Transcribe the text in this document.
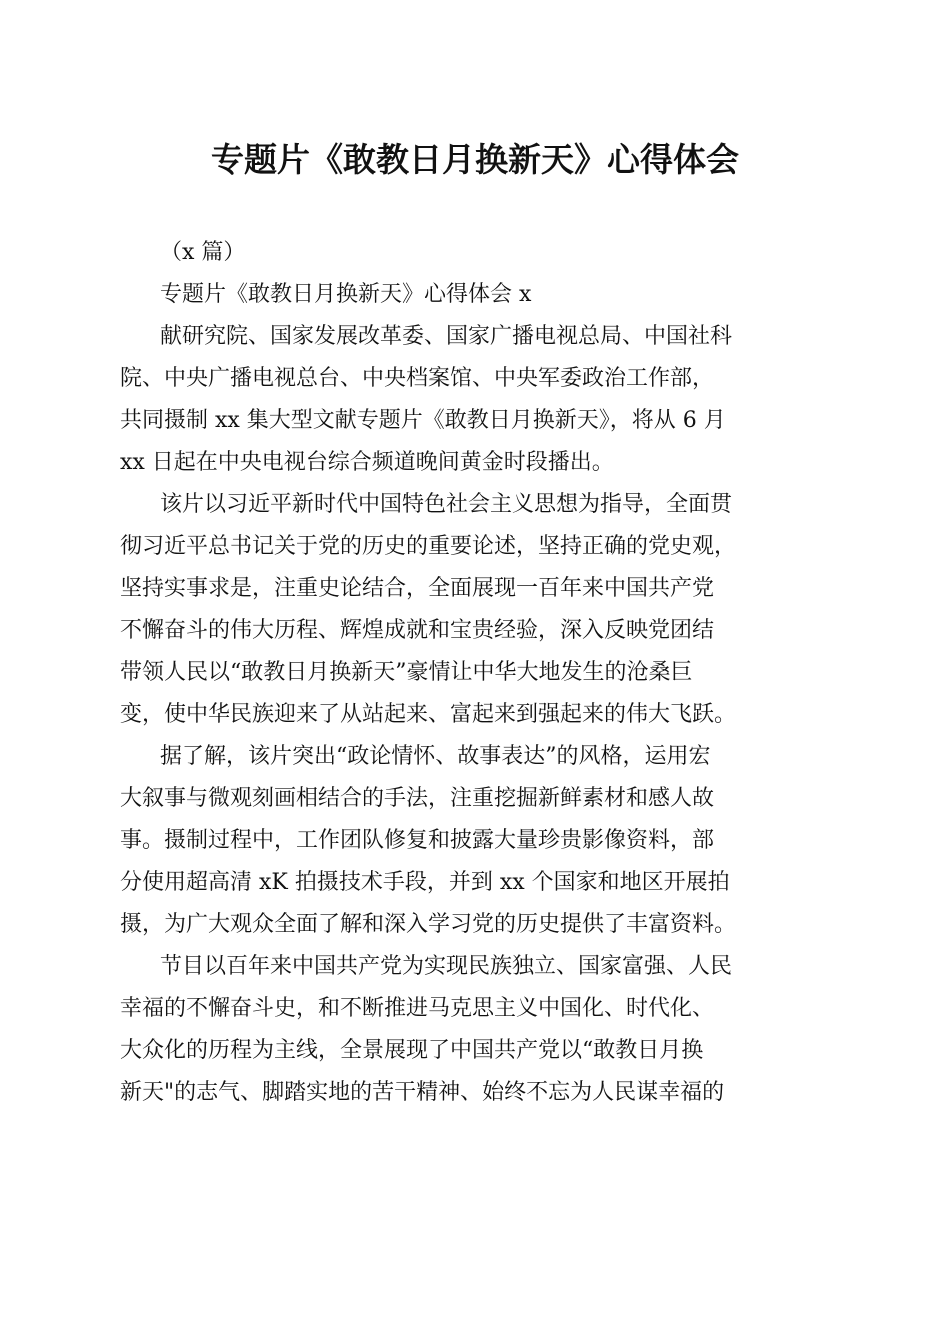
专题片《敢教日月换新天》心得体会
（x 篇）
专题片《敢教日月换新天》心得体会 x
献研究院、国家发展改革委、国家广播电视总局、中国社科
院、中央广播电视总台、中央档案馆、中央军委政治工作部，
共同摄制 xx 集大型文献专题片《敢教日月换新天》，将从 6 月
xx 日起在中央电视台综合频道晚间黄金时段播出。
该片以习近平新时代中国特色社会主义思想为指导，全面贯
彻习近平总书记关于党的历史的重要论述，坚持正确的党史观，
坚持实事求是，注重史论结合，全面展现一百年来中国共产党
不懈奋斗的伟大历程、辉煌成就和宝贵经验，深入反映党团结
带领人民以“敢教日月换新天”豪情让中华大地发生的沧桑巨
变，使中华民族迎来了从站起来、富起来到强起来的伟大飞跃。
据了解，该片突出“政论情怀、故事表达”的风格，运用宏
大叙事与微观刻画相结合的手法，注重挖掘新鲜素材和感人故
事。摄制过程中，工作团队修复和披露大量珍贵影像资料，部
分使用超高清 xK 拍摄技术手段，并到 xx 个国家和地区开展拍
摄，为广大观众全面了解和深入学习党的历史提供了丰富资料。
节目以百年来中国共产党为实现民族独立、国家富强、人民
幸福的不懈奋斗史，和不断推进马克思主义中国化、时代化、
大众化的历程为主线，全景展现了中国共产党以“敢教日月换
新天"的志气、脚踏实地的苦干精神、始终不忘为人民谋幸福的
